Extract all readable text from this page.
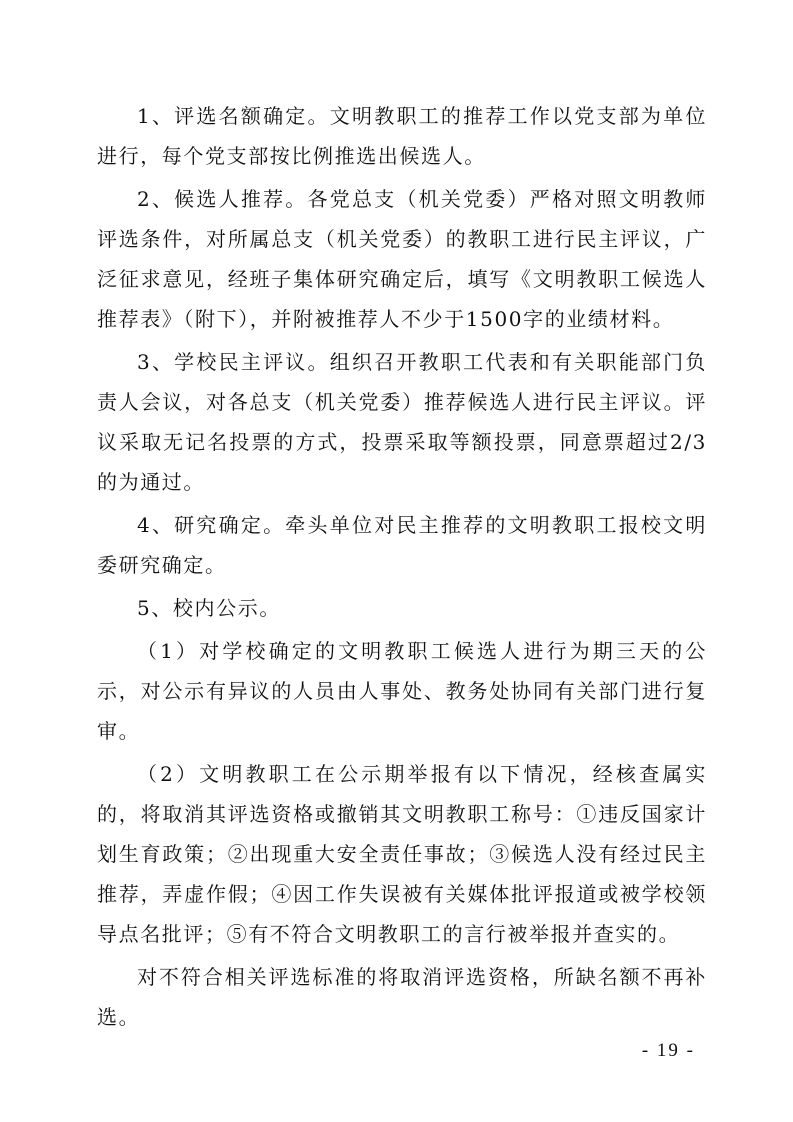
1、评选名额确定。文明教职工的推荐工作以党支部为单位进行，每个党支部按比例推选出候选人。

2、候选人推荐。各党总支（机关党委）严格对照文明教师评选条件，对所属总支（机关党委）的教职工进行民主评议，广泛征求意见，经班子集体研究确定后，填写《文明教职工候选人推荐表》（附下），并附被推荐人不少于1500字的业绩材料。

3、学校民主评议。组织召开教职工代表和有关职能部门负责人会议，对各总支（机关党委）推荐候选人进行民主评议。评议采取无记名投票的方式，投票采取等额投票，同意票超过2/3的为通过。

4、研究确定。牵头单位对民主推荐的文明教职工报校文明委研究确定。

5、校内公示。

（1）对学校确定的文明教职工候选人进行为期三天的公示，对公示有异议的人员由人事处、教务处协同有关部门进行复审。

（2）文明教职工在公示期举报有以下情况，经核查属实的，将取消其评选资格或撤销其文明教职工称号：①违反国家计划生育政策；②出现重大安全责任事故；③候选人没有经过民主推荐，弄虚作假；④因工作失误被有关媒体批评报道或被学校领导点名批评；⑤有不符合文明教职工的言行被举报并查实的。

对不符合相关评选标准的将取消评选资格，所缺名额不再补选。

- 19 -
